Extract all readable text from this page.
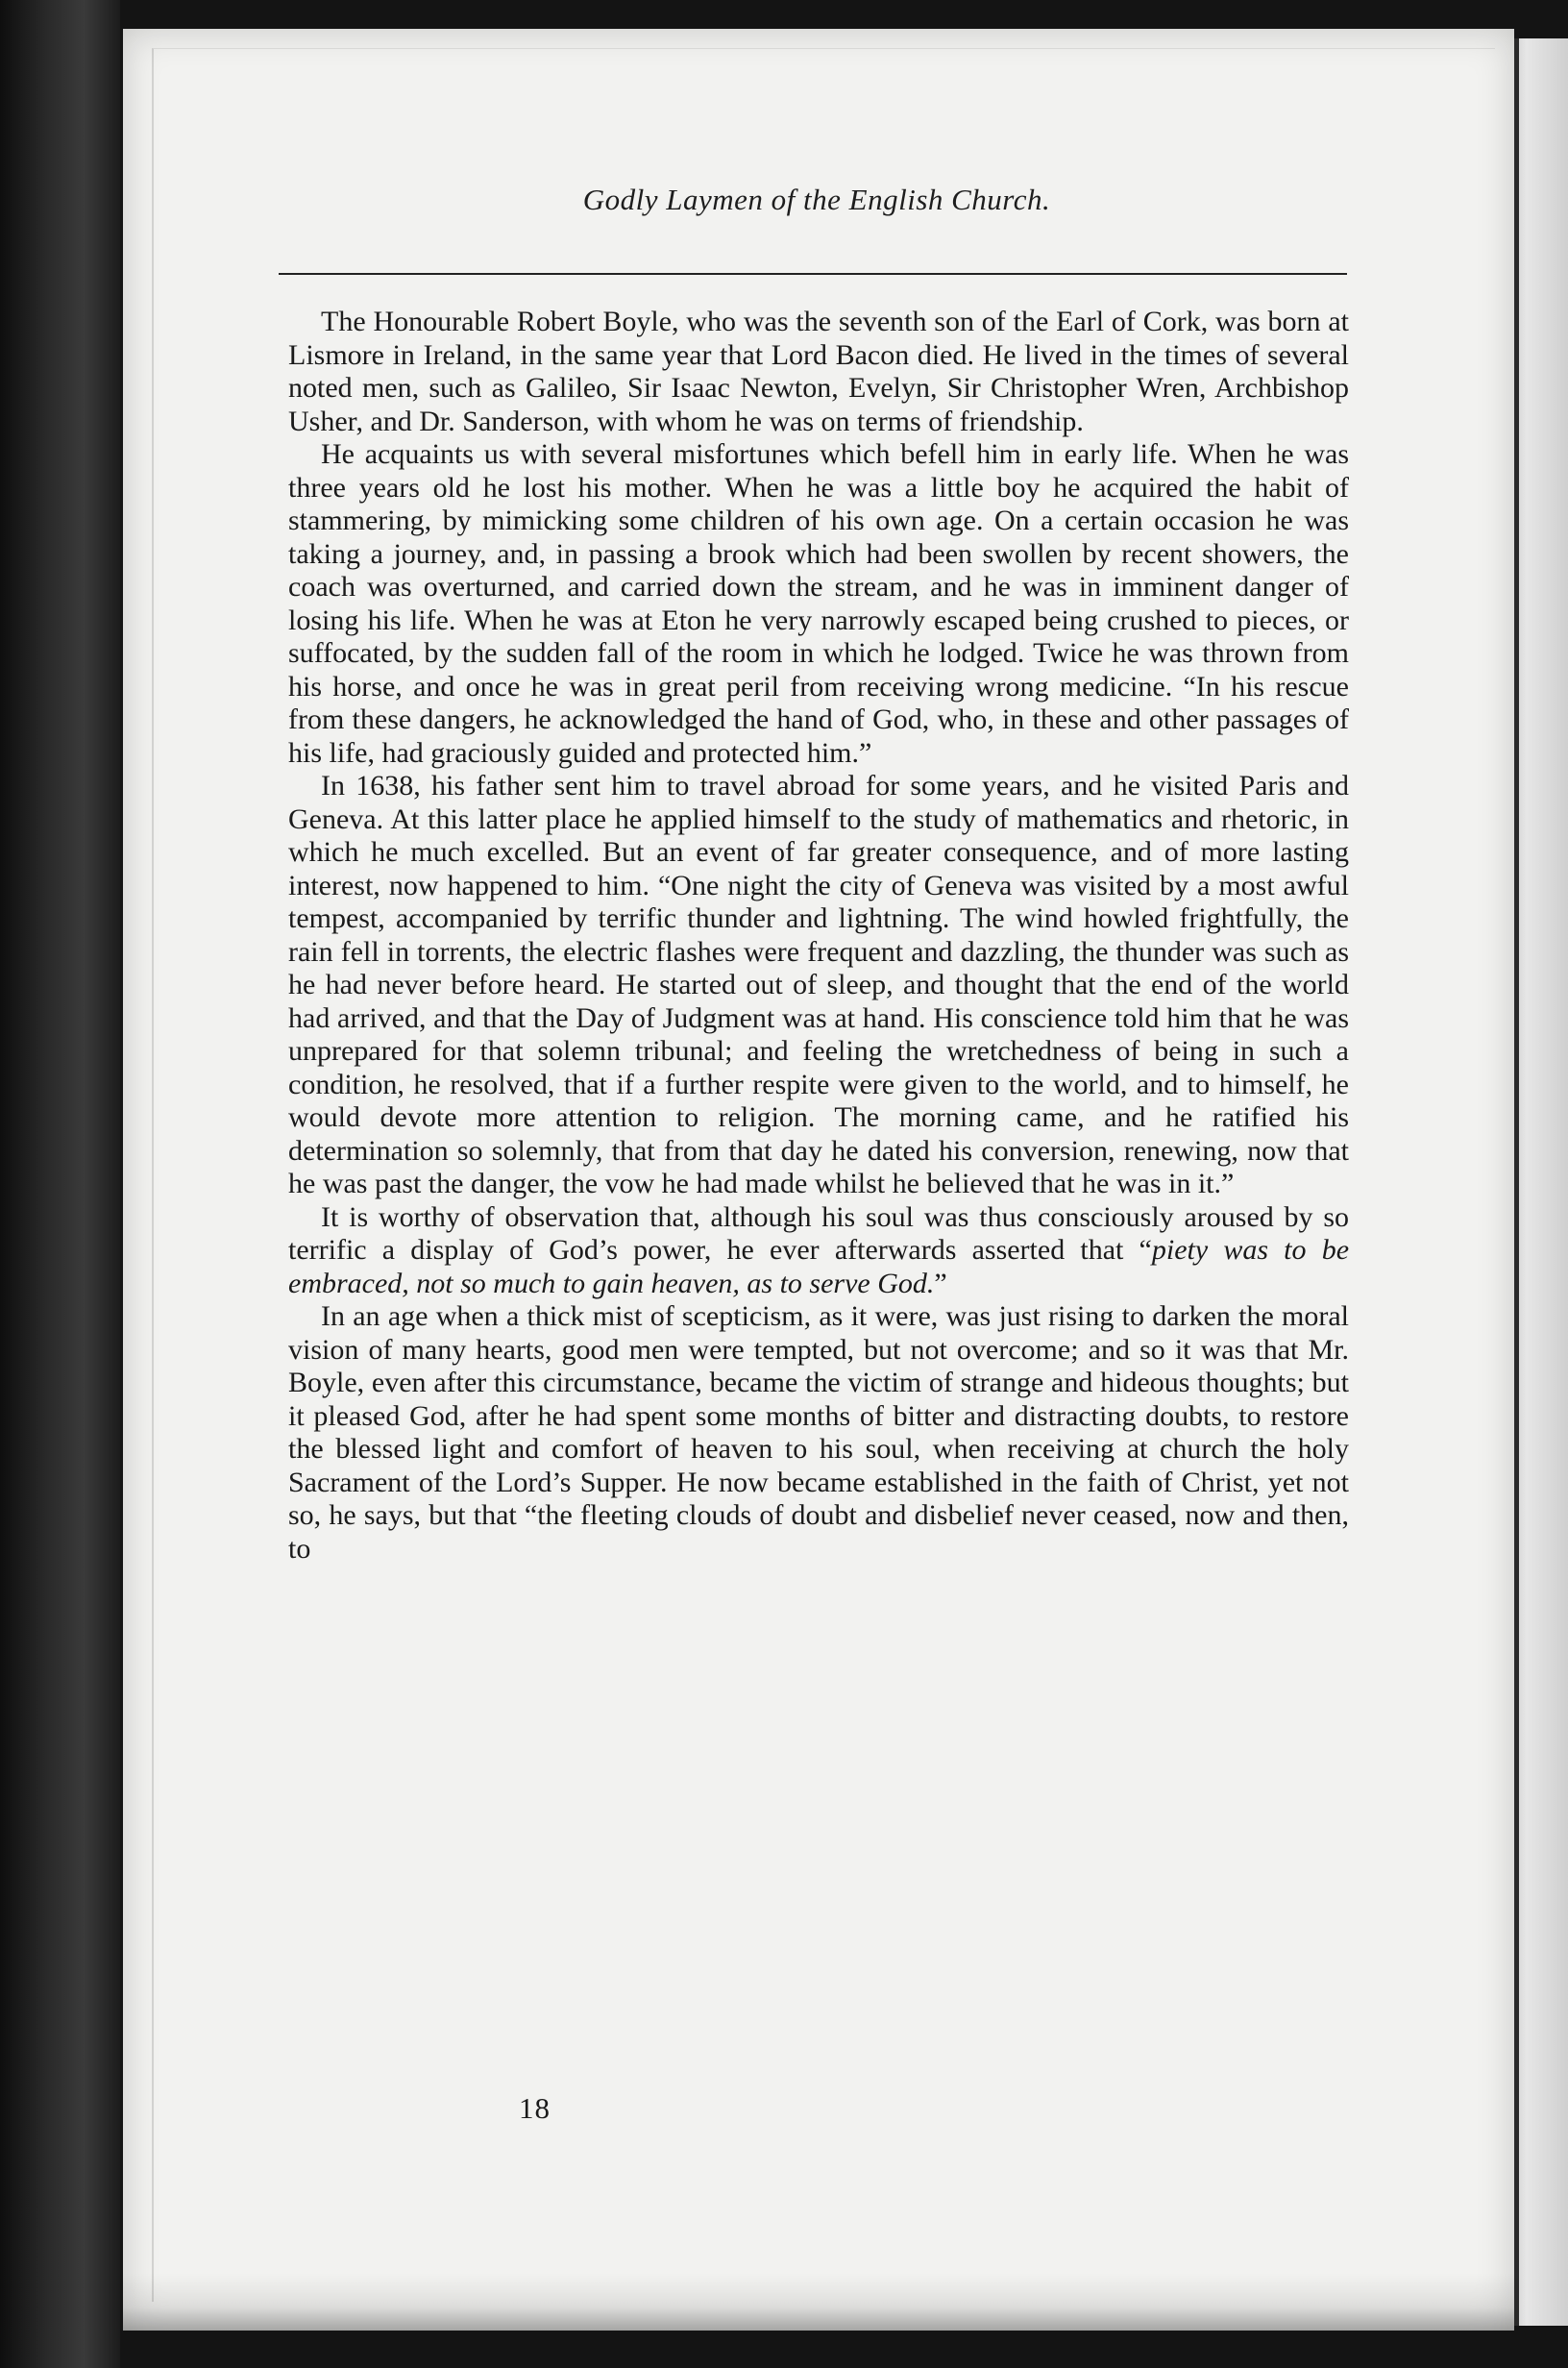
Godly Laymen of the English Church.

The Honourable Robert Boyle, who was the seventh son of the Earl of Cork, was born at Lismore in Ireland, in the same year that Lord Bacon died. He lived in the times of several noted men, such as Galileo, Sir Isaac Newton, Evelyn, Sir Christopher Wren, Archbishop Usher, and Dr. Sanderson, with whom he was on terms of friendship.

He acquaints us with several misfortunes which befell him in early life. When he was three years old he lost his mother. When he was a little boy he acquired the habit of stammering, by mimicking some children of his own age. On a certain occasion he was taking a journey, and, in passing a brook which had been swollen by recent showers, the coach was overturned, and carried down the stream, and he was in imminent danger of losing his life. When he was at Eton he very narrowly escaped being crushed to pieces, or suffocated, by the sudden fall of the room in which he lodged. Twice he was thrown from his horse, and once he was in great peril from receiving wrong medicine. “In his rescue from these dangers, he acknowledged the hand of God, who, in these and other passages of his life, had graciously guided and protected him.”

In 1638, his father sent him to travel abroad for some years, and he visited Paris and Geneva. At this latter place he applied himself to the study of mathematics and rhetoric, in which he much excelled. But an event of far greater consequence, and of more lasting interest, now happened to him. “One night the city of Geneva was visited by a most awful tempest, accompanied by terrific thunder and lightning. The wind howled frightfully, the rain fell in torrents, the electric flashes were frequent and dazzling, the thunder was such as he had never before heard. He started out of sleep, and thought that the end of the world had arrived, and that the Day of Judgment was at hand. His conscience told him that he was unprepared for that solemn tribunal; and feeling the wretchedness of being in such a condition, he resolved, that if a further respite were given to the world, and to himself, he would devote more attention to religion. The morning came, and he ratified his determination so solemnly, that from that day he dated his conversion, renewing, now that he was past the danger, the vow he had made whilst he believed that he was in it.”

It is worthy of observation that, although his soul was thus consciously aroused by so terrific a display of God’s power, he ever afterwards asserted that “piety was to be embraced, not so much to gain heaven, as to serve God.”

In an age when a thick mist of scepticism, as it were, was just rising to darken the moral vision of many hearts, good men were tempted, but not overcome; and so it was that Mr. Boyle, even after this circumstance, became the victim of strange and hideous thoughts; but it pleased God, after he had spent some months of bitter and distracting doubts, to restore the blessed light and comfort of heaven to his soul, when receiving at church the holy Sacrament of the Lord’s Supper. He now became established in the faith of Christ, yet not so, he says, but that “the fleeting clouds of doubt and disbelief never ceased, now and then, to

18
